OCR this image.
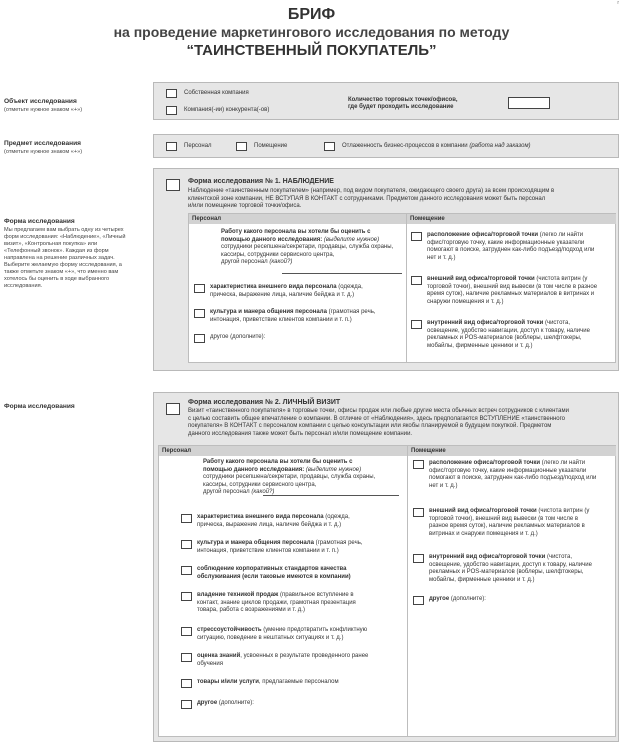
r
БРИФ
на проведение маркетингового исследования по методу
“ТАИНСТВЕННЫЙ ПОКУПАТЕЛЬ”
Объект исследования
(отметьте нужное знаком «+»)
Собственная компания
Компания(-ии) конкурента(-ов)
Количество торговых точек/офисов,
где будет проходить исследование
Предмет исследования
(отметьте нужное знаком «+»)
Персонал	Помещение	Отлаженность бизнес-процессов в компании (работа над заказом)
Форма исследования
Мы предлагаем вам выбрать одну из четырех
форм исследования: «Наблюдение», «Личный
визит», «Контрольная покупка» или
«Телефонный звонок». Каждая из форм
направлена на решение различных задач.
Выберите желаемую форму исследования, а
также отметьте знаком «+», что именно вам
хотелось бы оценить в ходе выбранного
исследования.
Форма исследования № 1. НАБЛЮДЕНИЕ
Наблюдение «таинственным покупателем» (например, под видом покупателя, ожидающего своего друга) за всем происходящим в
клиентской зоне компании, НЕ ВСТУПАЯ В КОНТАКТ с сотрудниками. Предметом данного исследования может быть персонал
и/или помещение торговой точки/офиса.
Персонал	Помещение
Работу какого персонала вы хотели бы оценить с
помощью данного исследования: (выделите нужное)
сотрудники ресепшена/секретари, продавцы, служба охраны,
кассиры, сотрудники сервисного центра,
другой персонал (какой?)
характеристика внешнего вида персонала (одежда,
прическа, выражение лица, наличие бейджа и т. д.)
культура и манера общения персонала (грамотная речь,
интонация, приветствие клиентов компании и т. п.)
другое (дополните):
расположение офиса/торговой точки (легко ли найти
офис/торговую точку, какие информационные указатели
помогают в поиске, затруднен как-либо подъезд/подход или
нет и т. д.)
внешний вид офиса/торговой точки (чистота витрин (у
торговой точки), внешний вид вывески (в том числе в разное
время суток), наличие рекламных материалов в витринах и
снаружи помещения и т. д.)
внутренний вид офиса/торговой точки (чистота,
освещение, удобство навигации, доступ к товару, наличие
рекламных и POS-материалов (воблеры, шелфтокеры,
мобайлы, фирменные ценники и т. д.)
Форма исследования
Форма исследования № 2. ЛИЧНЫЙ ВИЗИТ
Визит «таинственного покупателя» в торговые точки, офисы продаж или любые другие места обычных встреч сотрудников с клиентами
с целью составить общее впечатление о компании. В отличие от «Наблюдения», здесь предполагается ВСТУПЛЕНИЕ «таинственного
покупателя» В КОНТАКТ с персоналом компании с целью консультации или якобы планируемой в будущем покупкой. Предметом
данного исследования также может быть персонал и/или помещение компании.
Персонал	Помещение
Работу какого персонала вы хотели бы оценить с
помощью данного исследования: (выделите нужное)
сотрудники ресепшена/секретари, продавцы, служба охраны,
кассиры, сотрудники сервисного центра,
другой персонал (какой?)
характеристика внешнего вида персонала (одежда,
прическа, выражение лица, наличие бейджа и т. д.)
культура и манера общения персонала (грамотная речь,
интонация, приветствие клиентов компании и т. п.)
соблюдение корпоративных стандартов качества
обслуживания (если таковые имеются в компании)
владение техникой продаж (правильное вступление в
контакт, знание циклов продажи, грамотная презентация
товара, работа с возражениями и т. д.)
стрессоустойчивость (умение предотвратить конфликтную
ситуацию, поведение в нештатных ситуациях и т. д.)
оценка знаний, усвоенных в результате проведенного ранее
обучения
товары и/или услуги, предлагаемые персоналом
другое (дополните):
расположение офиса/торговой точки (легко ли найти
офис/торговую точку, какие информационные указатели
помогают в поиске, затруднен как-либо подъезд/подход или
нет и т. д.)
внешний вид офиса/торговой точки (чистота витрин (у
торговой точки), внешний вид вывески (в том числе в
разное время суток), наличие рекламных материалов в
витринах и снаружи помещения и т. д.)
внутренний вид офиса/торговой точки (чистота,
освещение, удобство навигации, доступ к товару, наличие
рекламных и POS-материалов (воблеры, шелфтокеры,
мобайлы, фирменные ценники и т. д.)
другое (дополните):
